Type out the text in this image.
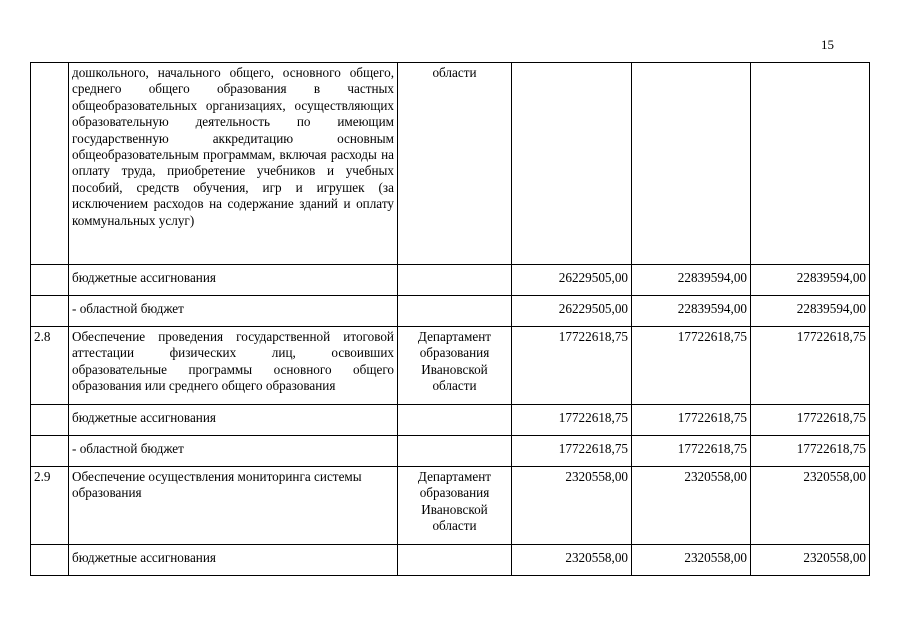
15
	дошкольного, начального общего, основного общего, среднего общего образования в частных общеобразовательных организациях, осуществляющих образовательную деятельность по имеющим государственную аккредитацию основным общеобразовательным программам, включая расходы на оплату труда, приобретение учебников и учебных пособий, средств обучения, игр и игрушек (за исключением расходов на содержание зданий и оплату коммунальных услуг)	области			
	бюджетные ассигнования		26229505,00	22839594,00	22839594,00
	- областной бюджет		26229505,00	22839594,00	22839594,00
2.8	Обеспечение проведения государственной итоговой аттестации физических лиц, освоивших образовательные программы основного общего образования или среднего общего образования	Департамент образования Ивановской области	17722618,75	17722618,75	17722618,75
	бюджетные ассигнования		17722618,75	17722618,75	17722618,75
	- областной бюджет		17722618,75	17722618,75	17722618,75
2.9	Обеспечение осуществления мониторинга системы образования	Департамент образования Ивановской области	2320558,00	2320558,00	2320558,00
	бюджетные ассигнования		2320558,00	2320558,00	2320558,00
